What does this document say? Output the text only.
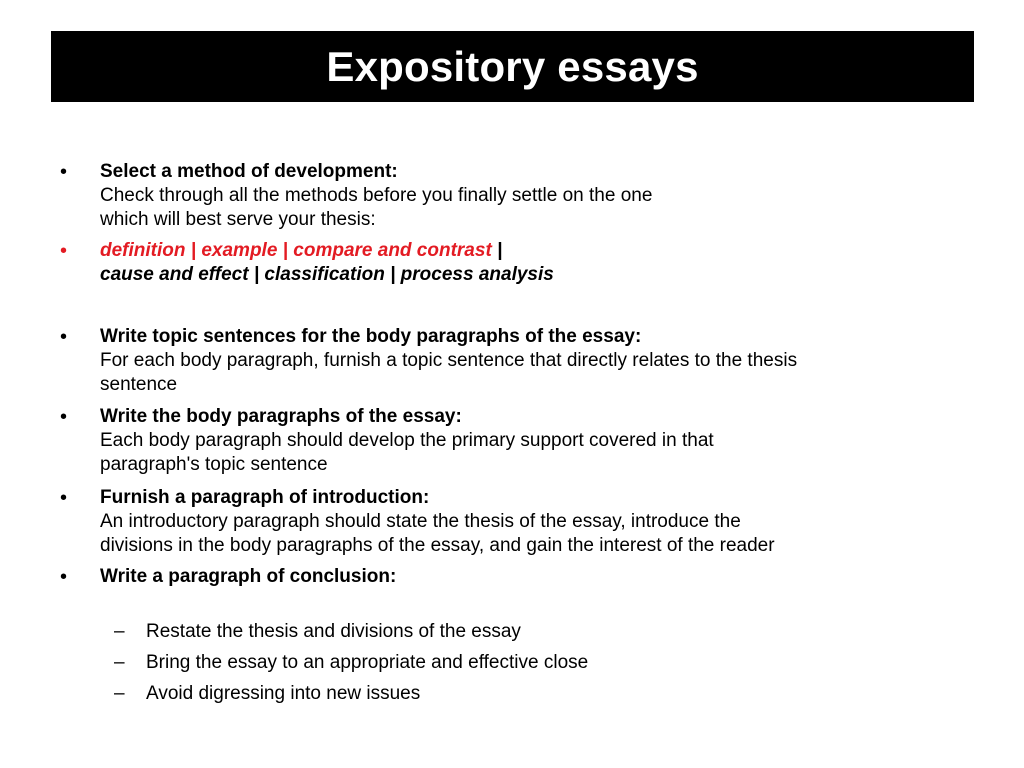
Expository essays
•	Select a method of development:
Check through all the methods before you finally settle on the one
which will best serve your thesis:
•	definition | example | compare and contrast |
cause and effect | classification | process analysis
•	Write topic sentences for the body paragraphs of the essay:
For each body paragraph, furnish a topic sentence that directly relates to the thesis
sentence
•	Write the body paragraphs of the essay:
Each body paragraph should develop the primary support covered in that
paragraph's topic sentence
•	Furnish a paragraph of introduction:
An introductory paragraph should state the thesis of the essay, introduce the
divisions in the body paragraphs of the essay, and gain the interest of the reader
•	Write a paragraph of conclusion:
– Restate the thesis and divisions of the essay
– Bring the essay to an appropriate and effective close
– Avoid digressing into new issues
